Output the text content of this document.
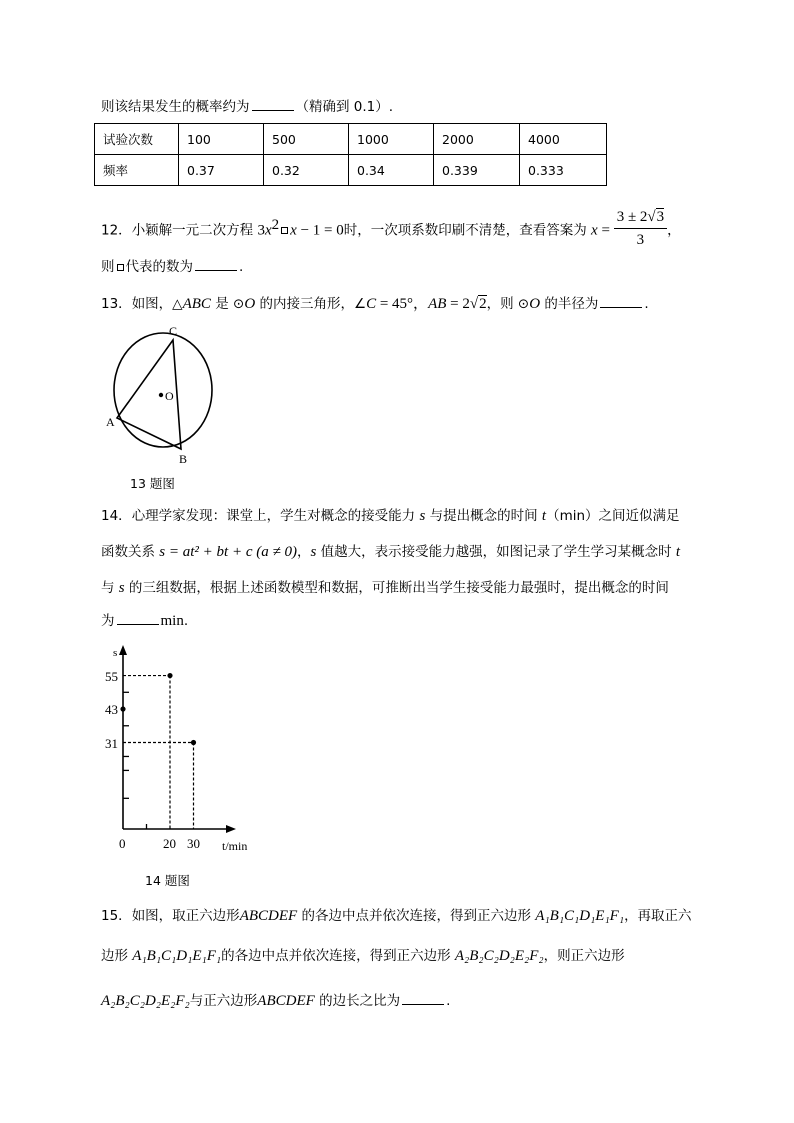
则该结果发生的概率约为	（精确到 0.1）.
试验次数	100	500	1000	2000	4000
频率	0.37	0.32	0.34	0.339	0.333
12．小颖解一元二次方程 $3x^2$ x − 1 = 0时，一次项系数印刷不清楚，查看答案为 $x = \frac{3 \pm 2√3}{3}$ ，
则 代表的数为	.
13．如图，△ABC 是 ⊙O 的内接三角形，∠C = 45°，AB = 2√2，则 ⊙O 的半径为	.
O
C
A
B
13 题图
14．心理学家发现：课堂上，学生对概念的接受能力 s 与提出概念的时间 t（min）之间近似满足
函数关系 s = at² + bt + c (a ≠ 0)，s 值越大，表示接受能力越强，如图记录了学生学习某概念时 t
与 s 的三组数据，根据上述函数模型和数据，可推断出当学生接受能力最强时，提出概念的时间
为	min.
s
t/min
0	20 30
55
43
31
14 题图
15．如图，取正六边形ABCDEF 的各边中点并依次连接，得到正六边形 A₁B₁C₁D₁E₁F₁，再取正六
边形 A₁B₁C₁D₁E₁F₁的各边中点并依次连接，得到正六边形 A₂B₂C₂D₂E₂F₂，则正六边形
A₂B₂C₂D₂E₂F₂与正六边形ABCDEF 的边长之比为	.
